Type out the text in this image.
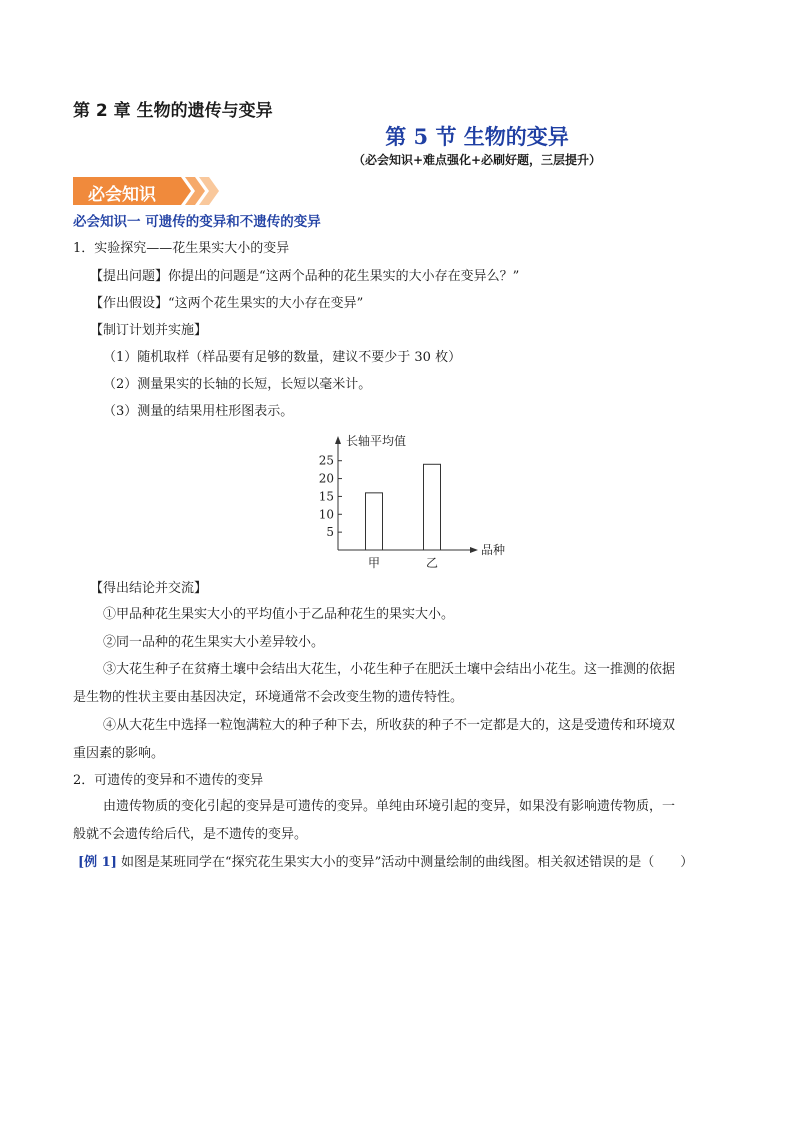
第 2 章 生物的遗传与变异
第 5 节 生物的变异
（必会知识+难点强化+必刷好题，三层提升）
必会知识
必会知识一 可遗传的变异和不遗传的变异
1．实验探究——花生果实大小的变异
【提出问题】你提出的问题是“这两个品种的花生果实的大小存在变异么？”
【作出假设】“这两个花生果实的大小存在变异”
【制订计划并实施】
（1）随机取样（样品要有足够的数量，建议不要少于 30 枚）
（2）测量果实的长轴的长短，长短以毫米计。
（3）测量的结果用柱形图表示。
长轴平均值
品种
5
10
15
20
25
甲	乙
【得出结论并交流】
①甲品种花生果实大小的平均值小于乙品种花生的果实大小。
②同一品种的花生果实大小差异较小。
③大花生种子在贫瘠土壤中会结出大花生，小花生种子在肥沃土壤中会结出小花生。这一推测的依据
是生物的性状主要由基因决定，环境通常不会改变生物的遗传特性。
④从大花生中选择一粒饱满粒大的种子种下去，所收获的种子不一定都是大的，这是受遗传和环境双
重因素的影响。
2．可遗传的变异和不遗传的变异
由遗传物质的变化引起的变异是可遗传的变异。单纯由环境引起的变异，如果没有影响遗传物质，一
般就不会遗传给后代，是不遗传的变异。
[例 1] 如图是某班同学在“探究花生果实大小的变异”活动中测量绘制的曲线图。相关叙述错误的是（　　）
